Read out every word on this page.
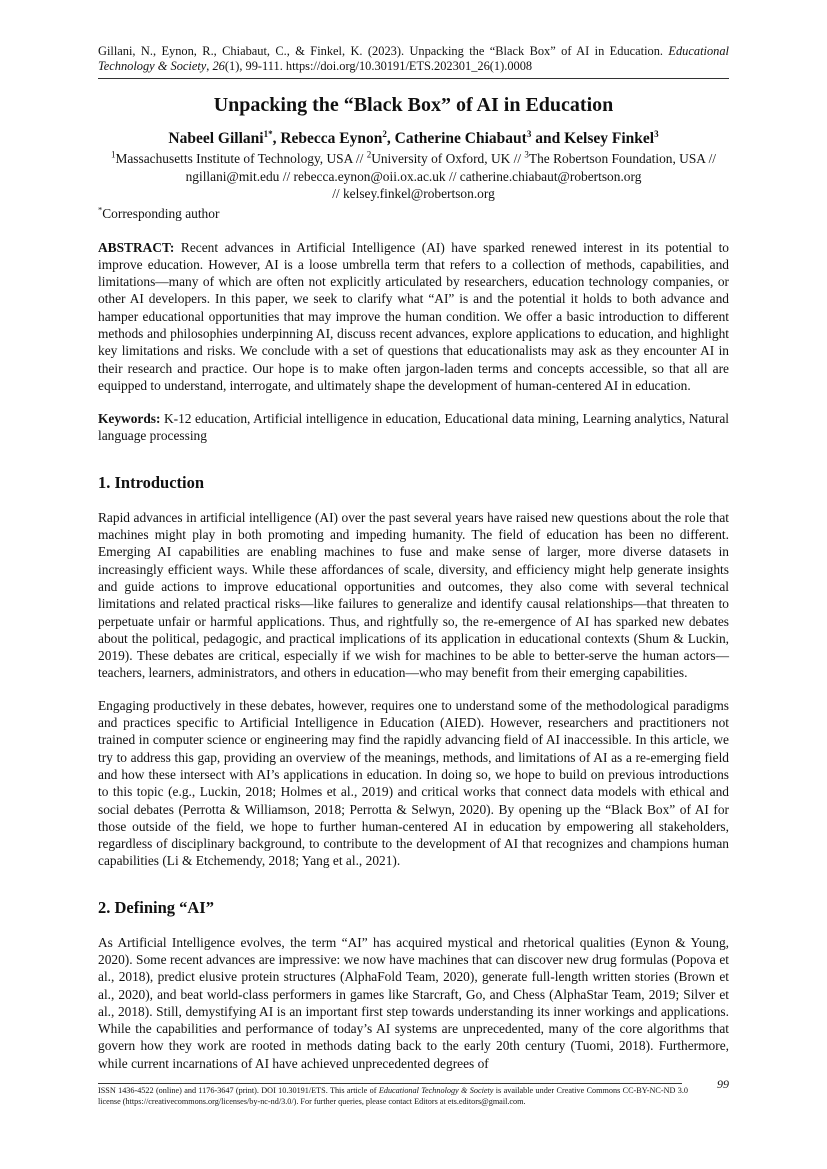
Gillani, N., Eynon, R., Chiabaut, C., & Finkel, K. (2023). Unpacking the “Black Box” of AI in Education. Educational Technology & Society, 26(1), 99-111. https://doi.org/10.30191/ETS.202301_26(1).0008
Unpacking the “Black Box” of AI in Education
Nabeel Gillani$^{1*}$, Rebecca Eynon$^2$, Catherine Chiabaut$^3$ and Kelsey Finkel$^3$
$^1$Massachusetts Institute of Technology, USA // $^2$University of Oxford, UK // $^3$The Robertson Foundation, USA //
ngillani@mit.edu // rebecca.eynon@oii.ox.ac.uk // catherine.chiabaut@robertson.org
// kelsey.finkel@robertson.org
*Corresponding author

ABSTRACT: Recent advances in Artificial Intelligence (AI) have sparked renewed interest in its potential to improve education. However, AI is a loose umbrella term that refers to a collection of methods, capabilities, and limitations—many of which are often not explicitly articulated by researchers, education technology companies, or other AI developers. In this paper, we seek to clarify what “AI” is and the potential it holds to both advance and hamper educational opportunities that may improve the human condition. We offer a basic introduction to different methods and philosophies underpinning AI, discuss recent advances, explore applications to education, and highlight key limitations and risks. We conclude with a set of questions that educationalists may ask as they encounter AI in their research and practice. Our hope is to make often jargon-laden terms and concepts accessible, so that all are equipped to understand, interrogate, and ultimately shape the development of human-centered AI in education.

Keywords: K-12 education, Artificial intelligence in education, Educational data mining, Learning analytics, Natural language processing

1. Introduction

Rapid advances in artificial intelligence (AI) over the past several years have raised new questions about the role that machines might play in both promoting and impeding humanity. The field of education has been no different. Emerging AI capabilities are enabling machines to fuse and make sense of larger, more diverse datasets in increasingly efficient ways. While these affordances of scale, diversity, and efficiency might help generate insights and guide actions to improve educational opportunities and outcomes, they also come with several technical limitations and related practical risks—like failures to generalize and identify causal relationships—that threaten to perpetuate unfair or harmful applications. Thus, and rightfully so, the re-emergence of AI has sparked new debates about the political, pedagogic, and practical implications of its application in educational contexts (Shum & Luckin, 2019). These debates are critical, especially if we wish for machines to be able to better-serve the human actors—teachers, learners, administrators, and others in education—who may benefit from their emerging capabilities.

Engaging productively in these debates, however, requires one to understand some of the methodological paradigms and practices specific to Artificial Intelligence in Education (AIED). However, researchers and practitioners not trained in computer science or engineering may find the rapidly advancing field of AI inaccessible. In this article, we try to address this gap, providing an overview of the meanings, methods, and limitations of AI as a re-emerging field and how these intersect with AI’s applications in education. In doing so, we hope to build on previous introductions to this topic (e.g., Luckin, 2018; Holmes et al., 2019) and critical works that connect data models with ethical and social debates (Perrotta & Williamson, 2018; Perrotta & Selwyn, 2020). By opening up the “Black Box” of AI for those outside of the field, we hope to further human-centered AI in education by empowering all stakeholders, regardless of disciplinary background, to contribute to the development of AI that recognizes and champions human capabilities (Li & Etchemendy, 2018; Yang et al., 2021).

2. Defining “AI”

As Artificial Intelligence evolves, the term “AI” has acquired mystical and rhetorical qualities (Eynon & Young, 2020). Some recent advances are impressive: we now have machines that can discover new drug formulas (Popova et al., 2018), predict elusive protein structures (AlphaFold Team, 2020), generate full-length written stories (Brown et al., 2020), and beat world-class performers in games like Starcraft, Go, and Chess (AlphaStar Team, 2019; Silver et al., 2018). Still, demystifying AI is an important first step towards understanding its inner workings and applications. While the capabilities and performance of today’s AI systems are unprecedented, many of the core algorithms that govern how they work are rooted in methods dating back to the early 20th century (Tuomi, 2018). Furthermore, while current incarnations of AI have achieved unprecedented degrees of

ISSN 1436-4522 (online) and 1176-3647 (print). DOI 10.30191/ETS. This article of Educational Technology & Society is available under Creative Commons CC-BY-NC-ND 3.0 license (https://creativecommons.org/licenses/by-nc-nd/3.0/). For further queries, please contact Editors at ets.editors@gmail.com.
99
